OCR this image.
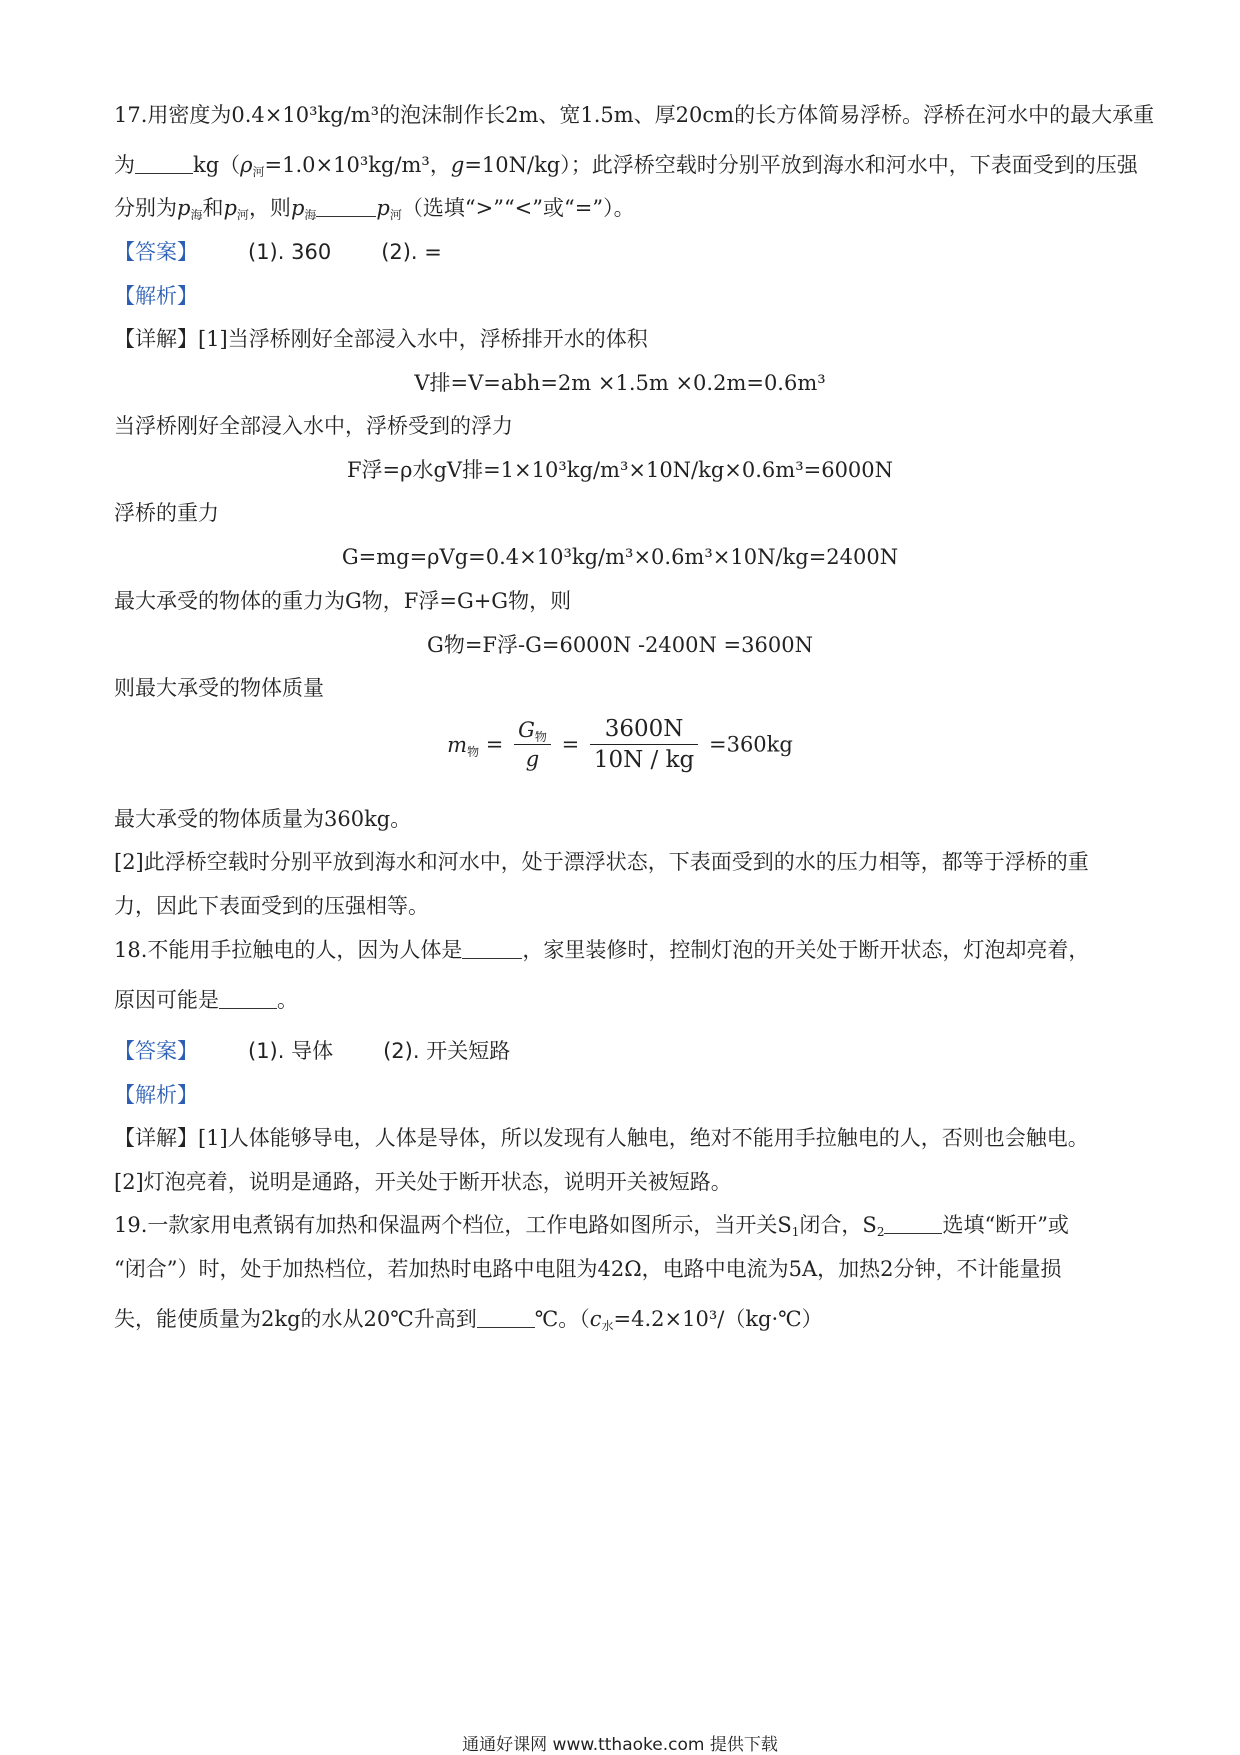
17.用密度为0.4×10³kg/m³的泡沫制作长2m、宽1.5m、厚20cm的长方体简易浮桥。浮桥在河水中的最大承重
为	$kg(\rho_河=1.0\times 10^3kg/m^3$，g=10N/kg）；此浮桥空载时分别平放到海水和河水中，下表面受到的压强
分别为$p_海$和$p_河$，则$p_海$	$p_河$（选填“>”“<”或“=”）。
【答案】 (1). 360 (2). =
【解析】
【详解】[1]当浮桥刚好全部浸入水中，浮桥排开水的体积
V排=V=abh=2m ×1.5m ×0.2m=0.6m³
当浮桥刚好全部浸入水中，浮桥受到的浮力
F浮=ρ水gV排=1×10³kg/m³×10N/kg×0.6m³=6000N
浮桥的重力
G=mg=ρVg=0.4×10³kg/m³×0.6m³×10N/kg=2400N
最大承受的物体的重力为G物，F浮=G+G物，则
G物=F浮-G=6000N -2400N =3600N
则最大承受的物体质量
$m_物 = \frac{G_物}{g} = \frac{3600N}{10N / kg} =360kg$
最大承受的物体质量为360kg。
[2]此浮桥空载时分别平放到海水和河水中，处于漂浮状态，下表面受到的水的压力相等，都等于浮桥的重
力，因此下表面受到的压强相等。
18.不能用手拉触电的人，因为人体是	，家里装修时，控制灯泡的开关处于断开状态，灯泡却亮着，
原因可能是	。
【答案】 (1). 导体 (2). 开关短路
【解析】
【详解】[1]人体能够导电，人体是导体，所以发现有人触电，绝对不能用手拉触电的人，否则也会触电。
[2]灯泡亮着，说明是通路，开关处于断开状态，说明开关被短路。
19.一款家用电煮锅有加热和保温两个档位，工作电路如图所示，当开关$S_1$闭合，$S_2$	选填“断开”或
“闭合”）时，处于加热档位，若加热时电路中电阻为42Ω，电路中电流为5A，加热2分钟，不计能量损
失，能使质量为2kg的水从20℃升高到	℃。（$c_水=4.2\times 10^3/(kg\cdot℃)$
通通好课网 www.tthaoke.com 提供下载
